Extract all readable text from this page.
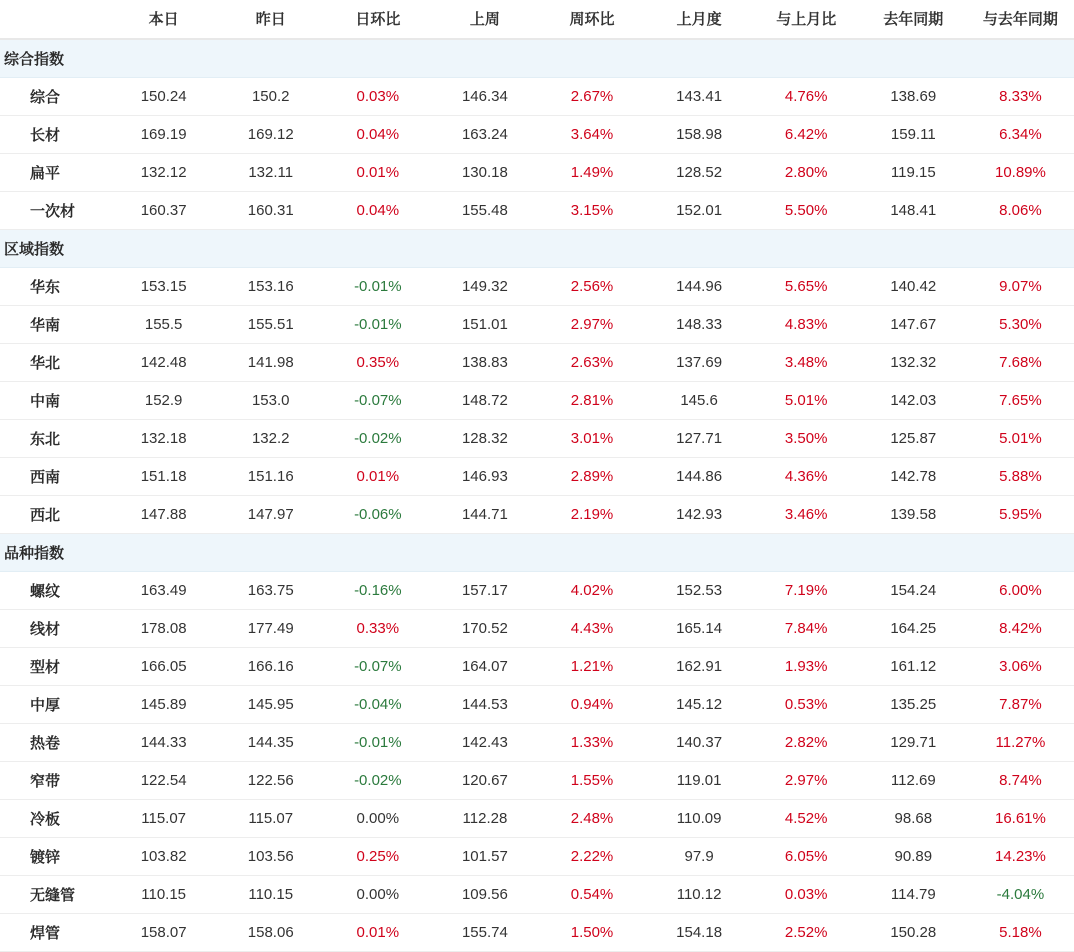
	本日	昨日	日环比	上周	周环比	上月度	与上月比	去年同期	与去年同期
综合指数									
综合	150.24	150.2	0.03%	146.34	2.67%	143.41	4.76%	138.69	8.33%
长材	169.19	169.12	0.04%	163.24	3.64%	158.98	6.42%	159.11	6.34%
扁平	132.12	132.11	0.01%	130.18	1.49%	128.52	2.80%	119.15	10.89%
一次材	160.37	160.31	0.04%	155.48	3.15%	152.01	5.50%	148.41	8.06%
区域指数									
华东	153.15	153.16	-0.01%	149.32	2.56%	144.96	5.65%	140.42	9.07%
华南	155.5	155.51	-0.01%	151.01	2.97%	148.33	4.83%	147.67	5.30%
华北	142.48	141.98	0.35%	138.83	2.63%	137.69	3.48%	132.32	7.68%
中南	152.9	153.0	-0.07%	148.72	2.81%	145.6	5.01%	142.03	7.65%
东北	132.18	132.2	-0.02%	128.32	3.01%	127.71	3.50%	125.87	5.01%
西南	151.18	151.16	0.01%	146.93	2.89%	144.86	4.36%	142.78	5.88%
西北	147.88	147.97	-0.06%	144.71	2.19%	142.93	3.46%	139.58	5.95%
品种指数									
螺纹	163.49	163.75	-0.16%	157.17	4.02%	152.53	7.19%	154.24	6.00%
线材	178.08	177.49	0.33%	170.52	4.43%	165.14	7.84%	164.25	8.42%
型材	166.05	166.16	-0.07%	164.07	1.21%	162.91	1.93%	161.12	3.06%
中厚	145.89	145.95	-0.04%	144.53	0.94%	145.12	0.53%	135.25	7.87%
热卷	144.33	144.35	-0.01%	142.43	1.33%	140.37	2.82%	129.71	11.27%
窄带	122.54	122.56	-0.02%	120.67	1.55%	119.01	2.97%	112.69	8.74%
冷板	115.07	115.07	0.00%	112.28	2.48%	110.09	4.52%	98.68	16.61%
镀锌	103.82	103.56	0.25%	101.57	2.22%	97.9	6.05%	90.89	14.23%
无缝管	110.15	110.15	0.00%	109.56	0.54%	110.12	0.03%	114.79	-4.04%
焊管	158.07	158.06	0.01%	155.74	1.50%	154.18	2.52%	150.28	5.18%
